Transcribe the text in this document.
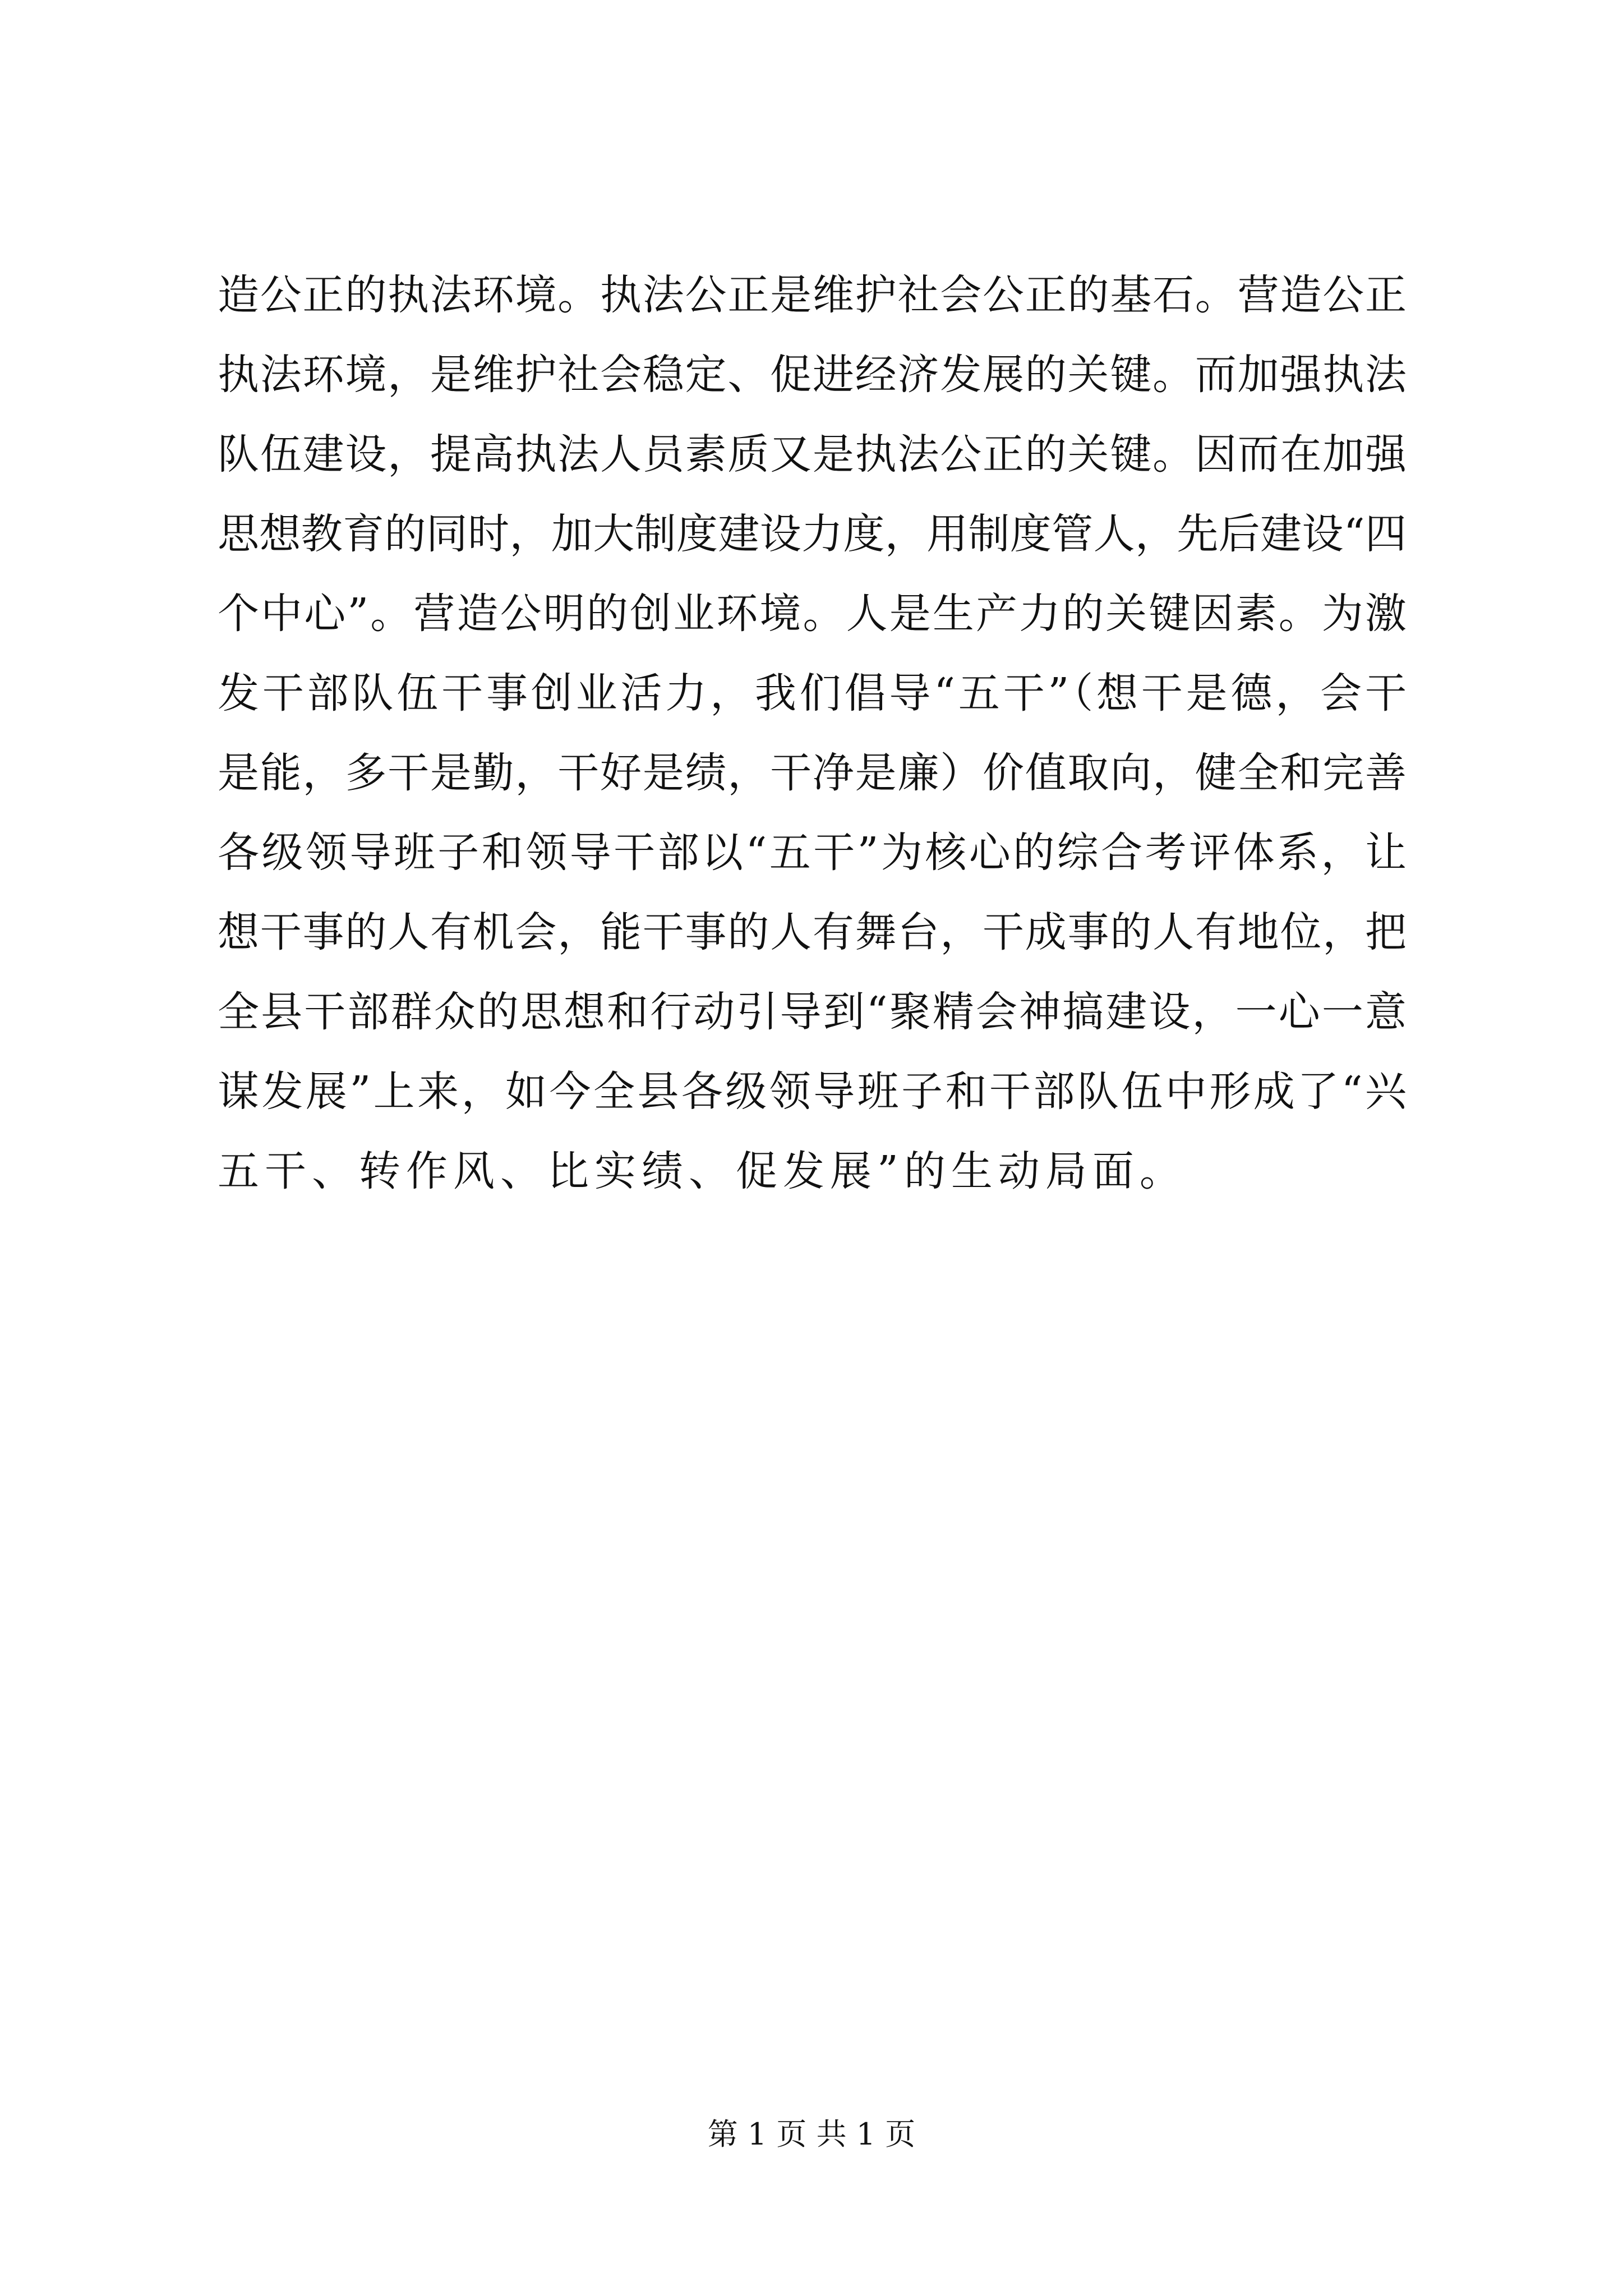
造公正的执法环境。执法公正是维护社会公正的基石。营造公正
执法环境，是维护社会稳定、促进经济发展的关键。而加强执法
队伍建设，提高执法人员素质又是执法公正的关键。因而在加强
思想教育的同时，加大制度建设力度，用制度管人，先后建设“四
个中心”。营造公明的创业环境。人是生产力的关键因素。为激
发干部队伍干事创业活力，我们倡导“五干”（想干是德，会干
是能，多干是勤，干好是绩，干净是廉）价值取向，健全和完善
各级领导班子和领导干部以“五干”为核心的综合考评体系，让
想干事的人有机会，能干事的人有舞台，干成事的人有地位，把
全县干部群众的思想和行动引导到“聚精会神搞建设，一心一意
谋发展”上来，如今全县各级领导班子和干部队伍中形成了“兴
五干、转作风、比实绩、促发展”的生动局面。
第 1 页 共 1 页
